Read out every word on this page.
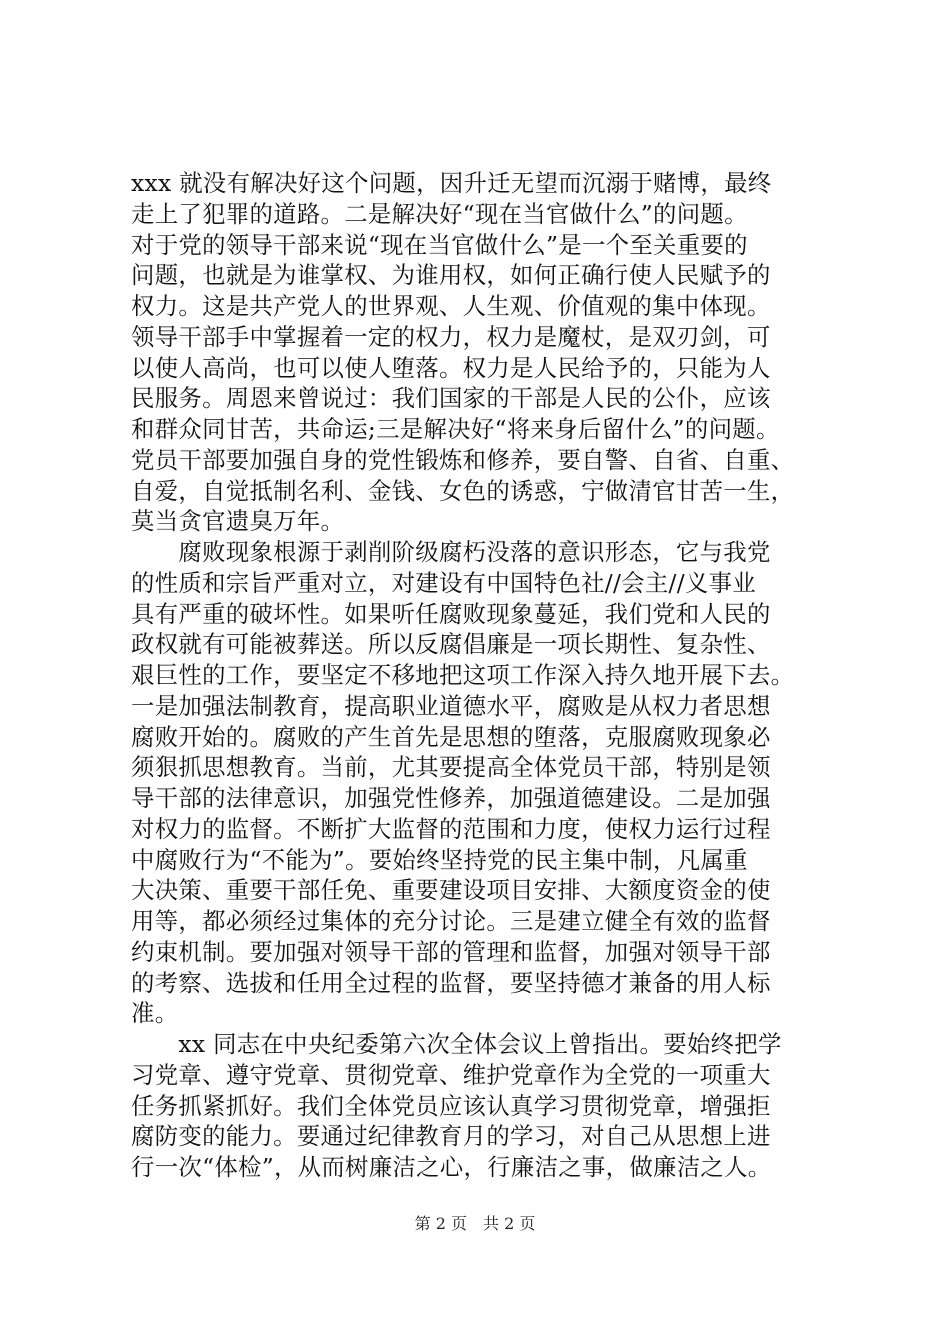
xxx 就没有解决好这个问题，因升迁无望而沉溺于赌博，最终
走上了犯罪的道路。二是解决好“现在当官做什么”的问题。
对于党的领导干部来说“现在当官做什么”是一个至关重要的
问题，也就是为谁掌权、为谁用权，如何正确行使人民赋予的
权力。这是共产党人的世界观、人生观、价值观的集中体现。
领导干部手中掌握着一定的权力，权力是魔杖，是双刃剑，可
以使人高尚，也可以使人堕落。权力是人民给予的，只能为人
民服务。周恩来曾说过：我们国家的干部是人民的公仆，应该
和群众同甘苦，共命运;三是解决好“将来身后留什么”的问题。
党员干部要加强自身的党性锻炼和修养，要自警、自省、自重、
自爱，自觉抵制名利、金钱、女色的诱惑，宁做清官甘苦一生，
莫当贪官遗臭万年。
　　腐败现象根源于剥削阶级腐朽没落的意识形态，它与我党
的性质和宗旨严重对立，对建设有中国特色社//会主//义事业
具有严重的破坏性。如果听任腐败现象蔓延，我们党和人民的
政权就有可能被葬送。所以反腐倡廉是一项长期性、复杂性、
艰巨性的工作，要坚定不移地把这项工作深入持久地开展下去。
一是加强法制教育，提高职业道德水平，腐败是从权力者思想
腐败开始的。腐败的产生首先是思想的堕落，克服腐败现象必
须狠抓思想教育。当前，尤其要提高全体党员干部，特别是领
导干部的法律意识，加强党性修养，加强道德建设。二是加强
对权力的监督。不断扩大监督的范围和力度，使权力运行过程
中腐败行为“不能为”。要始终坚持党的民主集中制，凡属重
大决策、重要干部任免、重要建设项目安排、大额度资金的使
用等，都必须经过集体的充分讨论。三是建立健全有效的监督
约束机制。要加强对领导干部的管理和监督，加强对领导干部
的考察、选拔和任用全过程的监督，要坚持德才兼备的用人标
准。
　　xx 同志在中央纪委第六次全体会议上曾指出。要始终把学
习党章、遵守党章、贯彻党章、维护党章作为全党的一项重大
任务抓紧抓好。我们全体党员应该认真学习贯彻党章，增强拒
腐防变的能力。要通过纪律教育月的学习，对自己从思想上进
行一次“体检”，从而树廉洁之心，行廉洁之事，做廉洁之人。
第 2 页　共 2 页
